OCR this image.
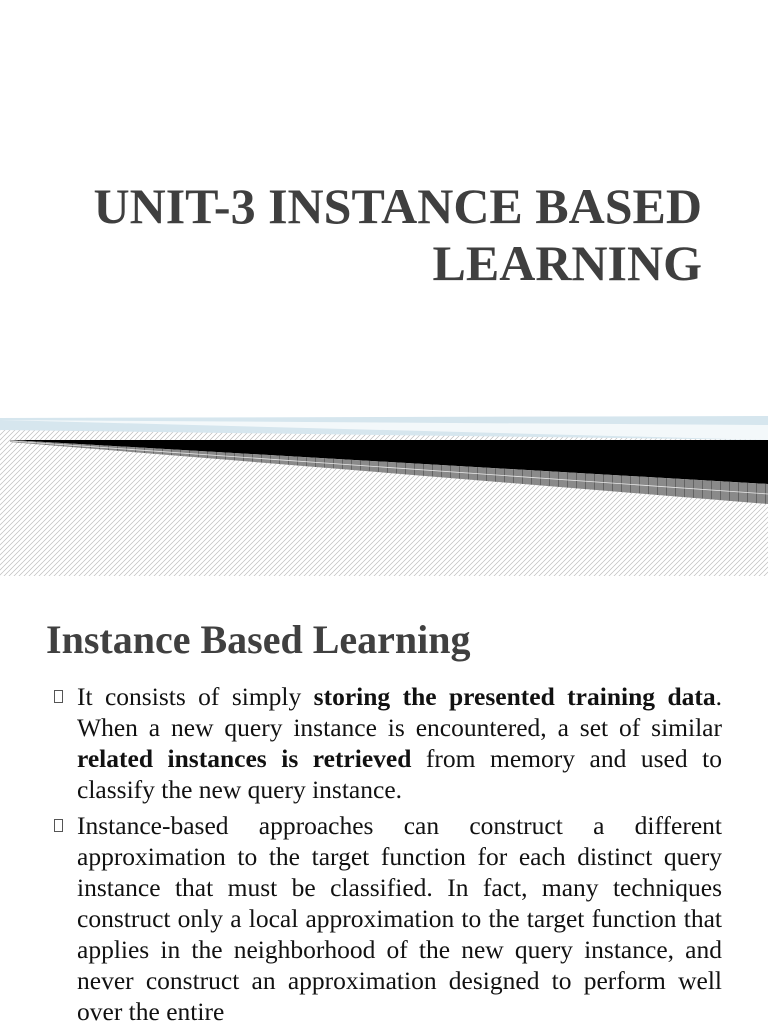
UNIT-3 INSTANCE BASED
LEARNING
Instance Based Learning
It consists of simply storing the presented training data. When a new query instance is encountered, a set of similar related instances is retrieved from memory and used to classify the new query instance.
Instance-based approaches can construct a different approximation to the target function for each distinct query instance that must be classified. In fact, many techniques construct only a local approximation to the target function that applies in the neighborhood of the new query instance, and never construct an approximation designed to perform well over the entire
